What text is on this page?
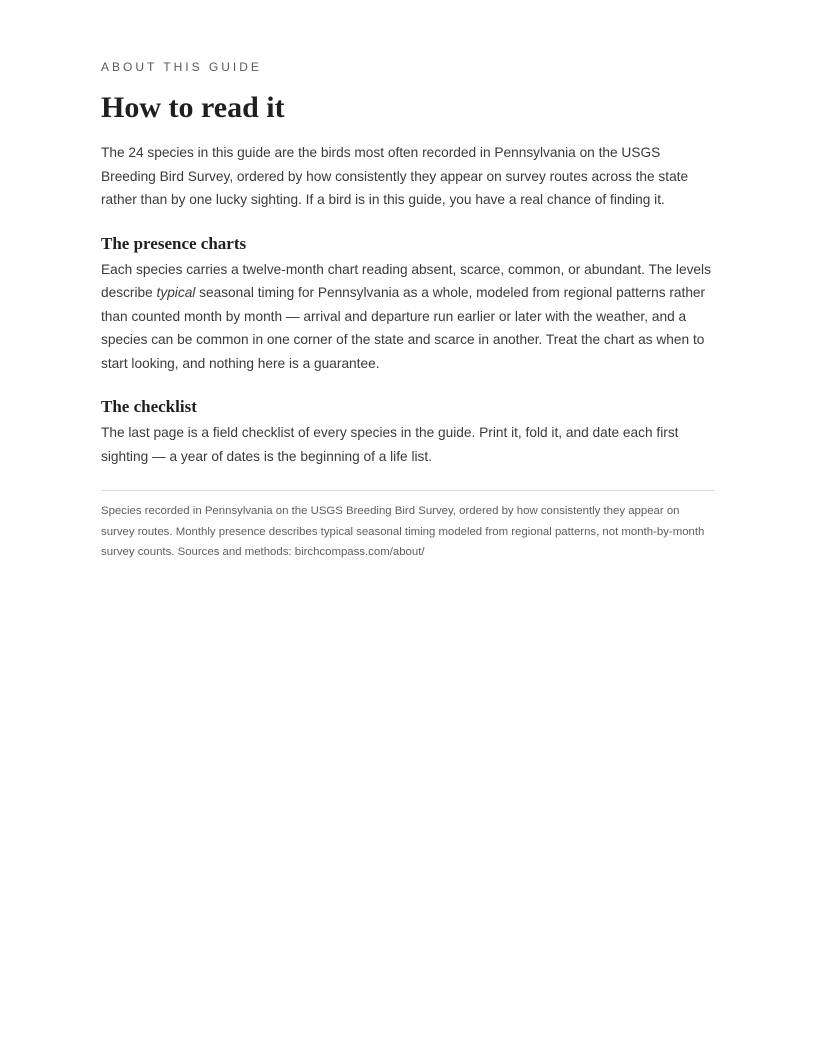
ABOUT THIS GUIDE

How to read it

The 24 species in this guide are the birds most often recorded in Pennsylvania on the USGS Breeding Bird Survey, ordered by how consistently they appear on survey routes across the state rather than by one lucky sighting. If a bird is in this guide, you have a real chance of finding it.

The presence charts

Each species carries a twelve-month chart reading absent, scarce, common, or abundant. The levels describe typical seasonal timing for Pennsylvania as a whole, modeled from regional patterns rather than counted month by month — arrival and departure run earlier or later with the weather, and a species can be common in one corner of the state and scarce in another. Treat the chart as when to start looking, and nothing here is a guarantee.

The checklist

The last page is a field checklist of every species in the guide. Print it, fold it, and date each first sighting — a year of dates is the beginning of a life list.

Species recorded in Pennsylvania on the USGS Breeding Bird Survey, ordered by how consistently they appear on survey routes. Monthly presence describes typical seasonal timing modeled from regional patterns, not month-by-month survey counts. Sources and methods: birchcompass.com/about/
